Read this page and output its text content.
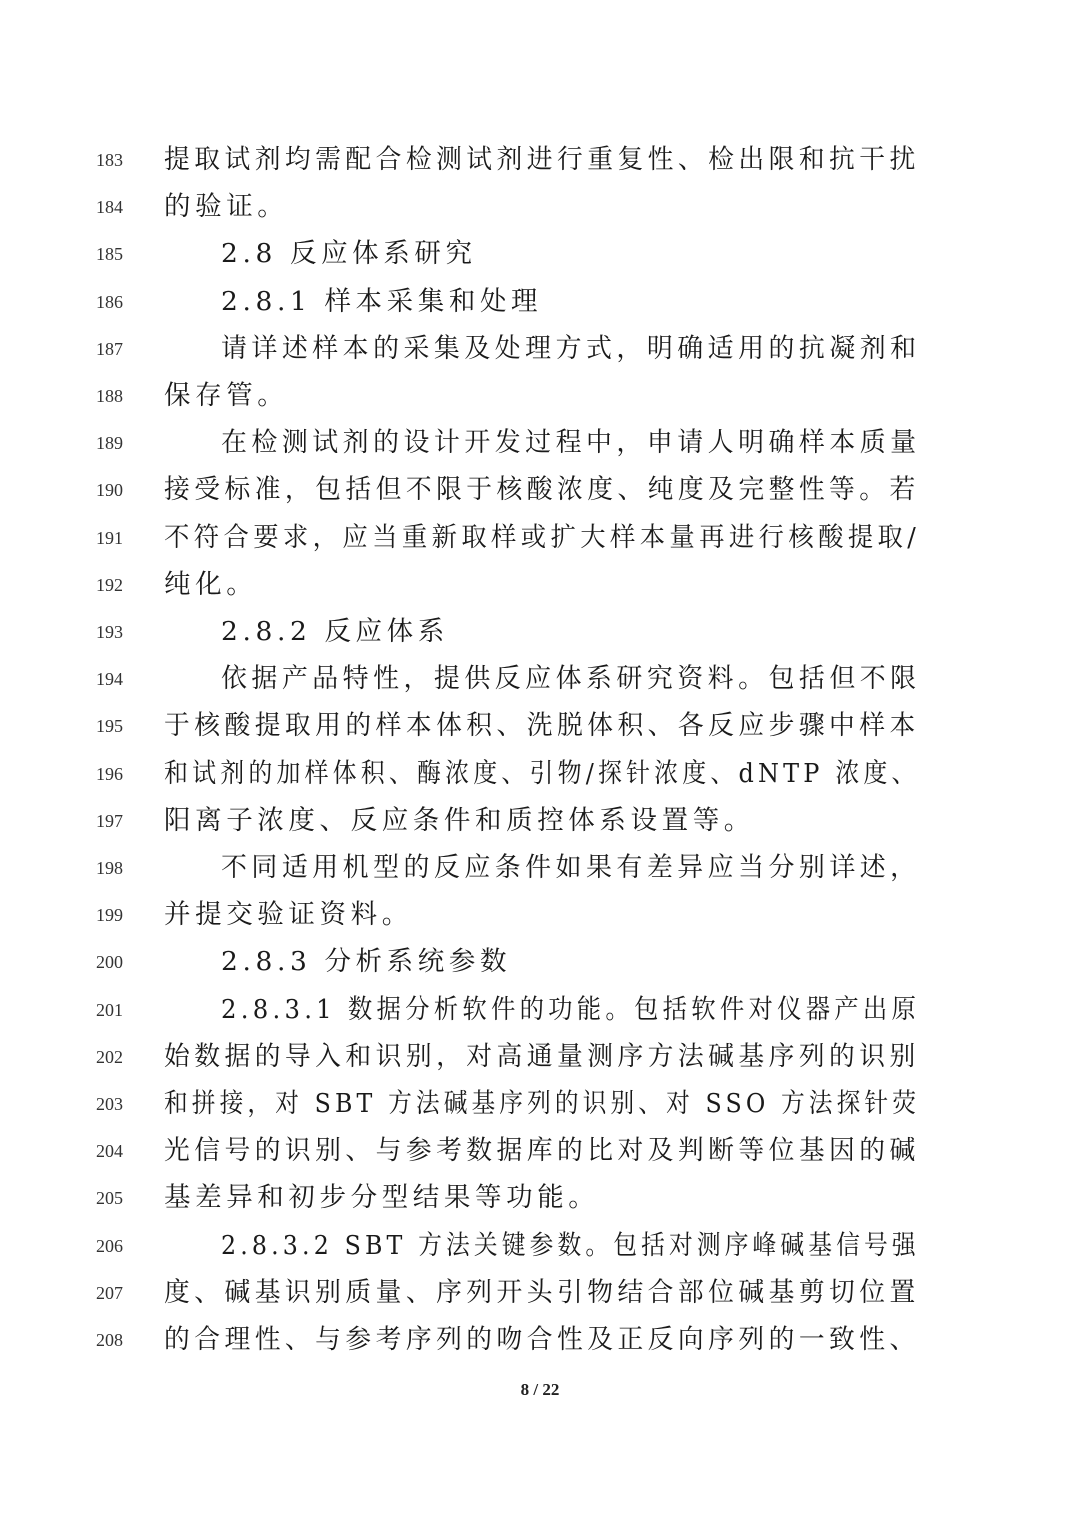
183	提取试剂均需配合检测试剂进行重复性、检出限和抗干扰
184	的验证。
185	2.8 反应体系研究
186	2.8.1 样本采集和处理
187	请详述样本的采集及处理方式，明确适用的抗凝剂和
188	保存管。
189	在检测试剂的设计开发过程中，申请人明确样本质量
190	接受标准，包括但不限于核酸浓度、纯度及完整性等。若
191	不符合要求，应当重新取样或扩大样本量再进行核酸提取/
192	纯化。
193	2.8.2 反应体系
194	依据产品特性，提供反应体系研究资料。包括但不限
195	于核酸提取用的样本体积、洗脱体积、各反应步骤中样本
196	和试剂的加样体积、酶浓度、引物/探针浓度、dNTP 浓度、
197	阳离子浓度、反应条件和质控体系设置等。
198	不同适用机型的反应条件如果有差异应当分别详述，
199	并提交验证资料。
200	2.8.3 分析系统参数
201	2.8.3.1 数据分析软件的功能。包括软件对仪器产出原
202	始数据的导入和识别，对高通量测序方法碱基序列的识别
203	和拼接，对 SBT 方法碱基序列的识别、对 SSO 方法探针荧
204	光信号的识别、与参考数据库的比对及判断等位基因的碱
205	基差异和初步分型结果等功能。
206	2.8.3.2 SBT 方法关键参数。包括对测序峰碱基信号强
207	度、碱基识别质量、序列开头引物结合部位碱基剪切位置
208	的合理性、与参考序列的吻合性及正反向序列的一致性、
8 / 22
